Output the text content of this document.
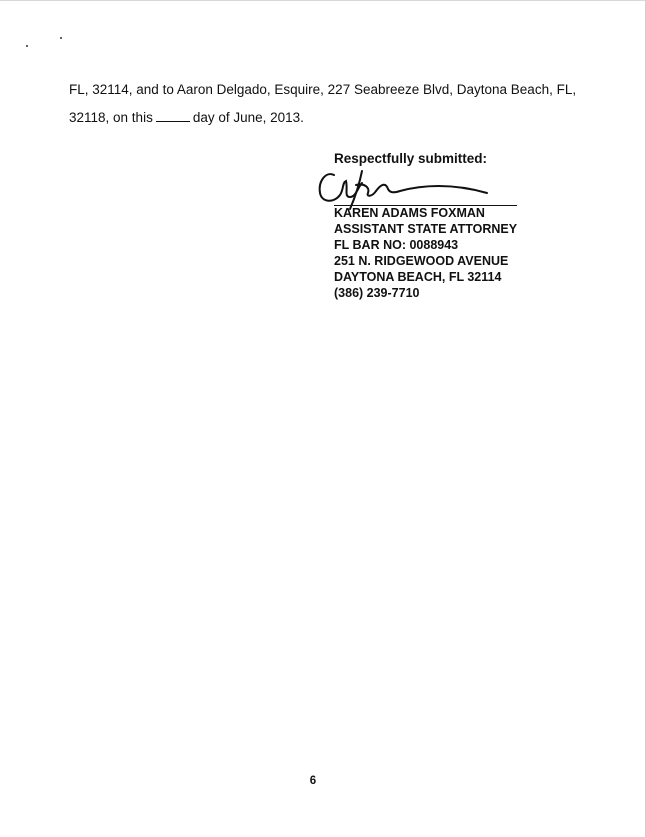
FL, 32114, and to Aaron Delgado, Esquire, 227 Seabreeze Blvd, Daytona Beach, FL,
32118, on this	day of June, 2013.
Respectfully submitted:
KAREN ADAMS FOXMAN
ASSISTANT STATE ATTORNEY
FL BAR NO: 0088943
251 N. RIDGEWOOD AVENUE
DAYTONA BEACH, FL 32114
(386) 239-7710
6
